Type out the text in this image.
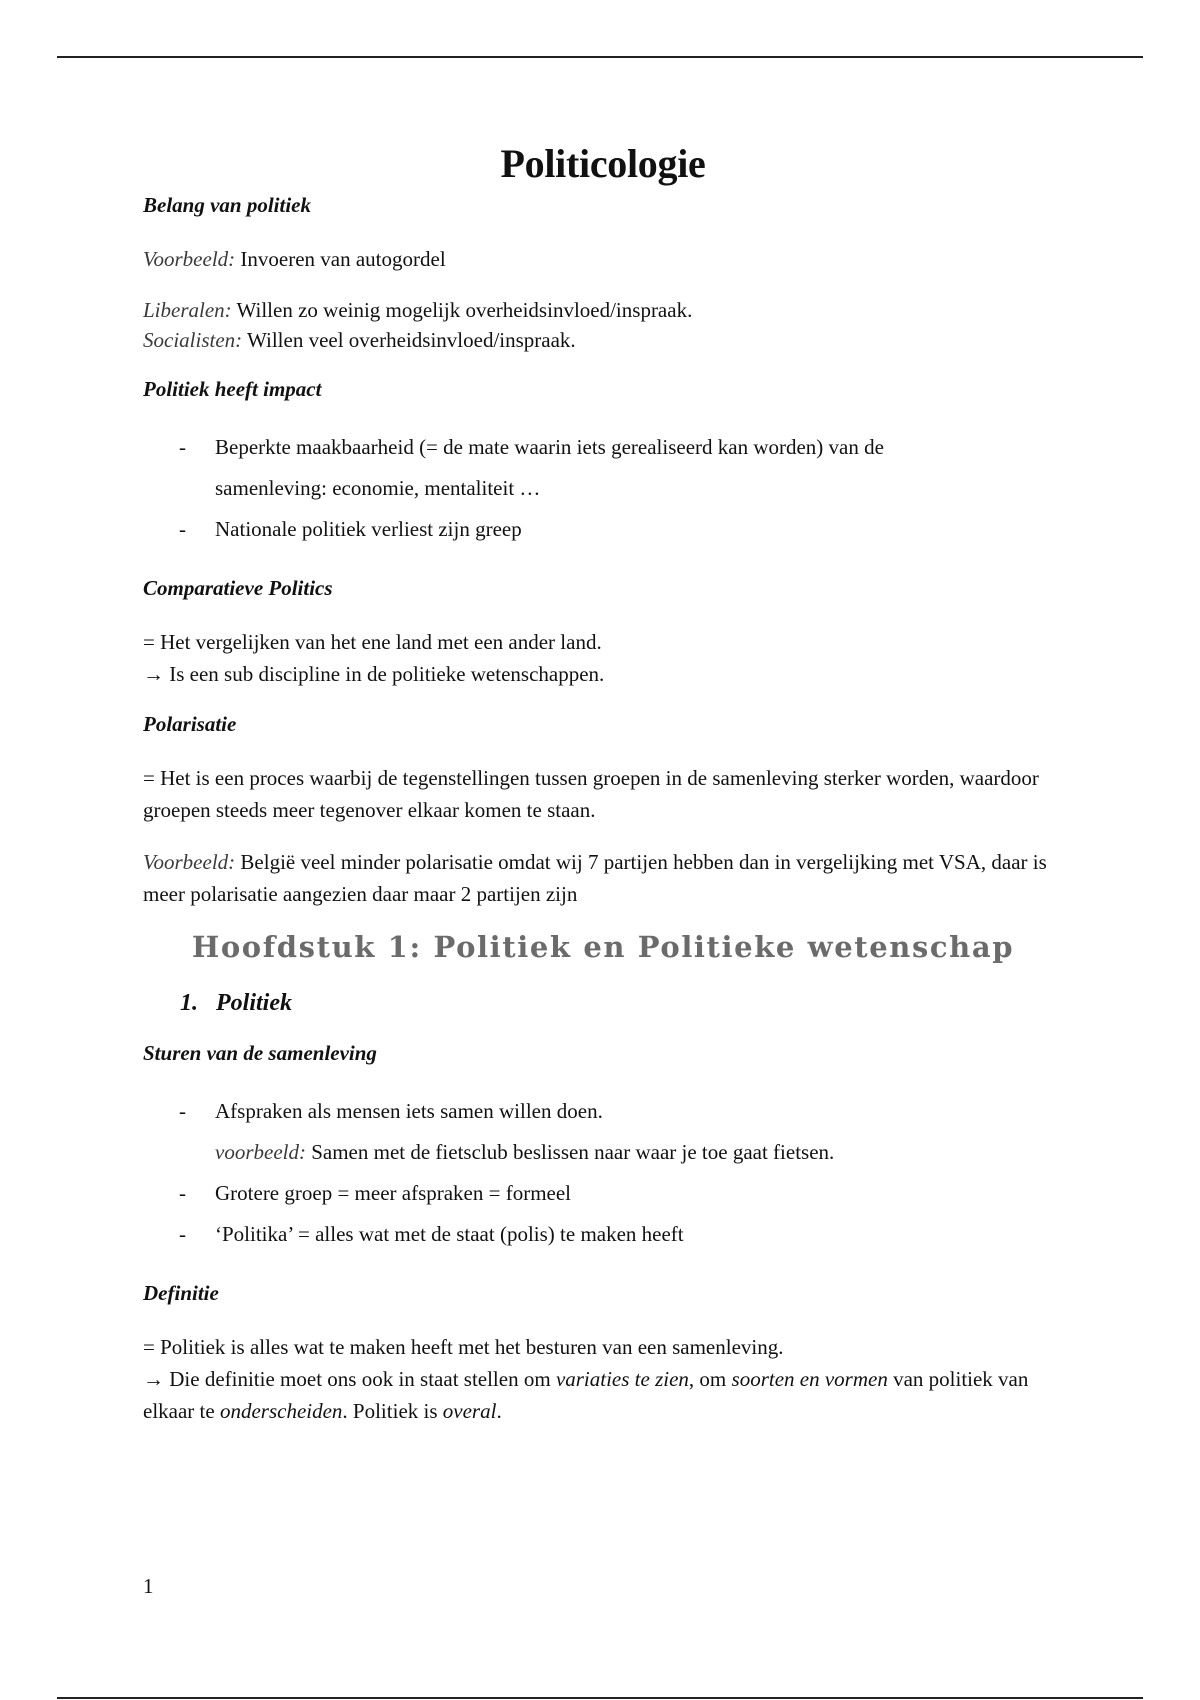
Politicologie
Belang van politiek

Voorbeeld: Invoeren van autogordel

Liberalen: Willen zo weinig mogelijk overheidsinvloed/inspraak.
Socialisten: Willen veel overheidsinvloed/inspraak.

Politiek heeft impact
- Beperkte maakbaarheid (= de mate waarin iets gerealiseerd kan worden) van de
samenleving: economie, mentaliteit …
- Nationale politiek verliest zijn greep
Comparatieve Politics

= Het vergelijken van het ene land met een ander land.
→ Is een sub discipline in de politieke wetenschappen.

Polarisatie

= Het is een proces waarbij de tegenstellingen tussen groepen in de samenleving sterker worden, waardoor groepen steeds meer tegenover elkaar komen te staan.

Voorbeeld: België veel minder polarisatie omdat wij 7 partijen hebben dan in vergelijking met VSA, daar is meer polarisatie aangezien daar maar 2 partijen zijn

Hoofdstuk 1: Politiek en Politieke wetenschap
1. Politiek
Sturen van de samenleving
- Afspraken als mensen iets samen willen doen.
voorbeeld: Samen met de fietsclub beslissen naar waar je toe gaat fietsen.
- Grotere groep = meer afspraken = formeel
- ‘Politika’ = alles wat met de staat (polis) te maken heeft
Definitie

= Politiek is alles wat te maken heeft met het besturen van een samenleving.
→ Die definitie moet ons ook in staat stellen om variaties te zien, om soorten en vormen van politiek van elkaar te onderscheiden. Politiek is overal.

1
